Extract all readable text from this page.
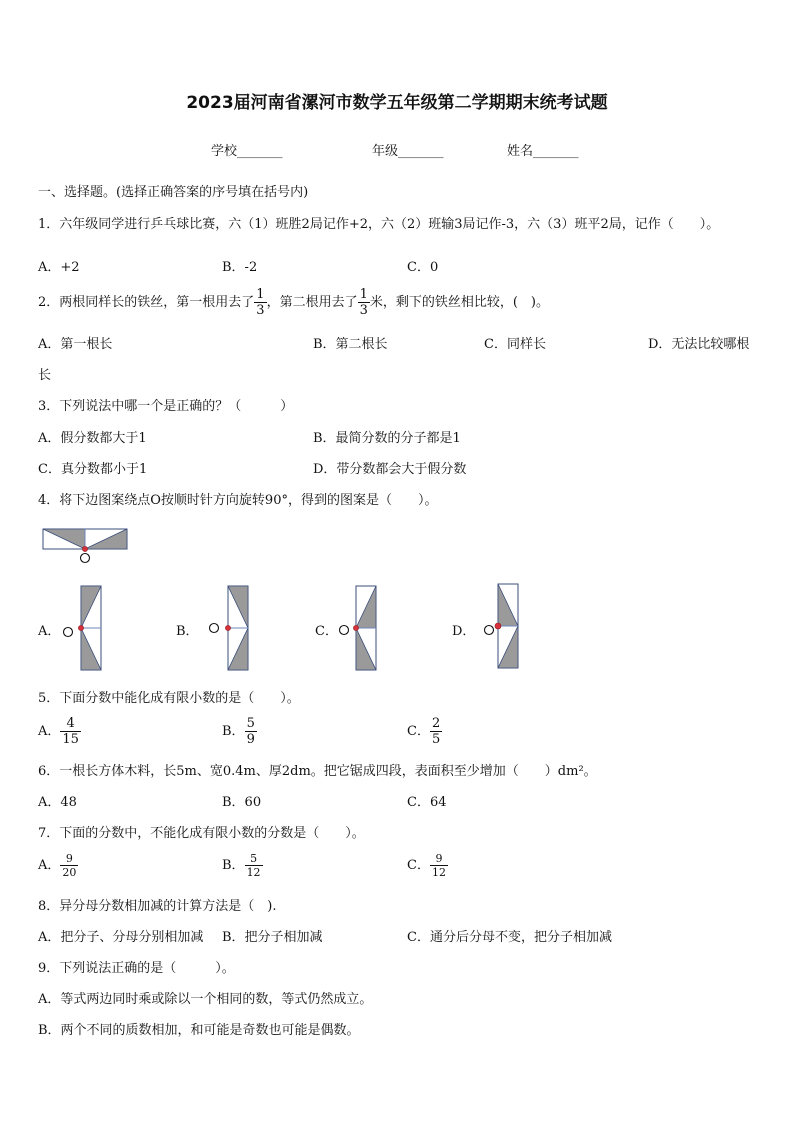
2023届河南省漯河市数学五年级第二学期期末统考试题
学校_______	年级_______	姓名_______
一、选择题。(选择正确答案的序号填在括号内)
1．六年级同学进行乒乓球比赛，六（1）班胜2局记作+2，六（2）班输3局记作-3，六（3）班平2局，记作（　　）。
A．+2	B．-2	C．0
2．两根同样长的铁丝，第一根用去了 $\frac{1}{3}$ ，第二根用去了 $\frac{1}{3}$ 米，剩下的铁丝相比较，(　)。
A．第一根长	B．第二根长	C．同样长	D．无法比较哪根
长
3．下列说法中哪一个是正确的？（　　　）
A．假分数都大于1	B．最简分数的分子都是1
C．真分数都小于1	D．带分数都会大于假分数
4．将下边图案绕点O按顺时针方向旋转90°，得到的图案是（　　）。
A．	B．	C．	D．
5．下面分数中能化成有限小数的是（　　）。
A． $\frac{4}{15}$	B． $\frac{5}{9}$	C． $\frac{2}{5}$
6．一根长方体木料，长5m、宽0.4m、厚2dm。把它锯成四段，表面积至少增加（　　）dm²。
A．48	B．60	C．64
7．下面的分数中，不能化成有限小数的分数是（　　）。
A． $\frac{9}{20}$	B． $\frac{5}{12}$	C． $\frac{9}{12}$
8．异分母分数相加减的计算方法是（　).
A．把分子、分母分别相加减 B．把分子相加减	C．通分后分母不变，把分子相加减
9．下列说法正确的是（　　　）。
A．等式两边同时乘或除以一个相同的数，等式仍然成立。
B．两个不同的质数相加，和可能是奇数也可能是偶数。
